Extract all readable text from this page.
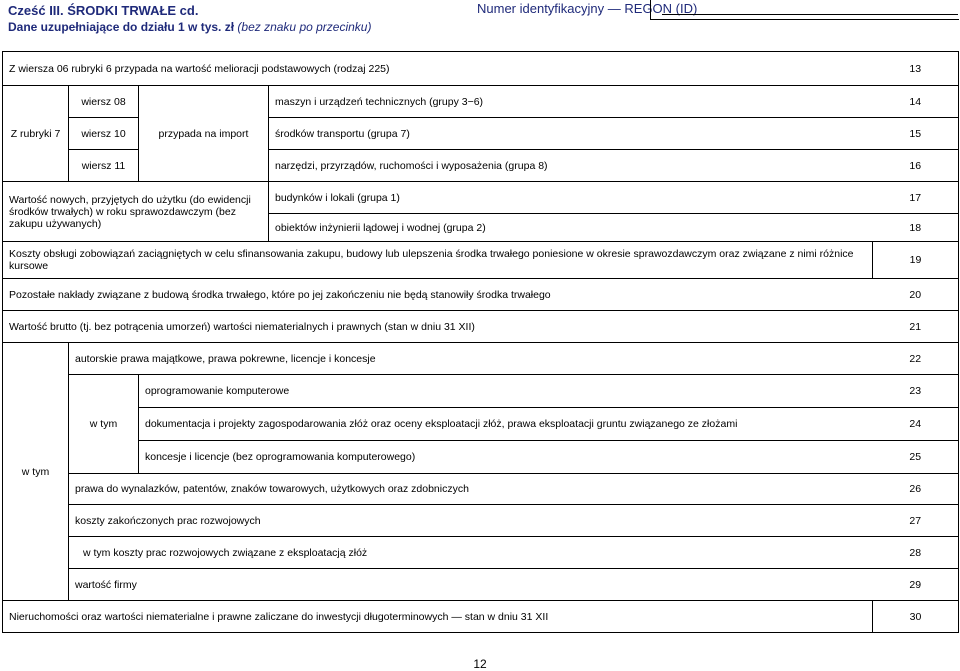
Cześć III. ŚRODKI TRWAŁE cd.
Dane uzupełniające do działu 1 w tys. zł (bez znaku po przecinku)
Numer identyfikacyjny — REGON (ID)
Z wiersza 06 rubryki 6 przypada na wartość melioracji podstawowych (rodzaj 225)				13
Z rubryki 7	wiersz 08	przypada na import	maszyn i urządzeń technicznych (grupy 3−6)	14
	wiersz 10		środków transportu (grupa 7)	15
	wiersz 11		narzędzi, przyrządów, ruchomości i wyposażenia (grupa 8)	16
Wartość nowych, przyjętych do użytku (do ewidencji środków trwałych) w roku sprawozdawczym (bez zakupu używanych)			budynków i lokali (grupa 1)	17
			obiektów inżynierii lądowej i wodnej (grupa 2)	18
Koszty obsługi zobowiązań zaciągniętych w celu sfinansowania zakupu, budowy lub ulepszenia środka trwałego poniesione w okresie sprawozdawczym oraz związane z nimi różnice kursowe				19
Pozostałe nakłady związane z budową środka trwałego, które po jej zakończeniu nie będą stanowiły środka trwałego				20
Wartość brutto (tj. bez potrącenia umorzeń) wartości niematerialnych i prawnych (stan w dniu 31 XII)				21
w tym	autorskie prawa majątkowe, prawa pokrewne, licencje i koncesje			22
	w tym	oprogramowanie komputerowe		23
		dokumentacja i projekty zagospodarowania złóż oraz oceny eksploatacji złóż, prawa eksploatacji gruntu związanego ze złożami		24
		koncesje i licencje (bez oprogramowania komputerowego)		25
	prawa do wynalazków, patentów, znaków towarowych, użytkowych oraz zdobniczych			26
	koszty zakończonych prac rozwojowych			27
	w tym koszty prac rozwojowych związane z eksploatacją złóż			28
	wartość firmy			29
Nieruchomości oraz wartości niematerialne i prawne zaliczane do inwestycji długoterminowych — stan w dniu 31 XII				30
12
